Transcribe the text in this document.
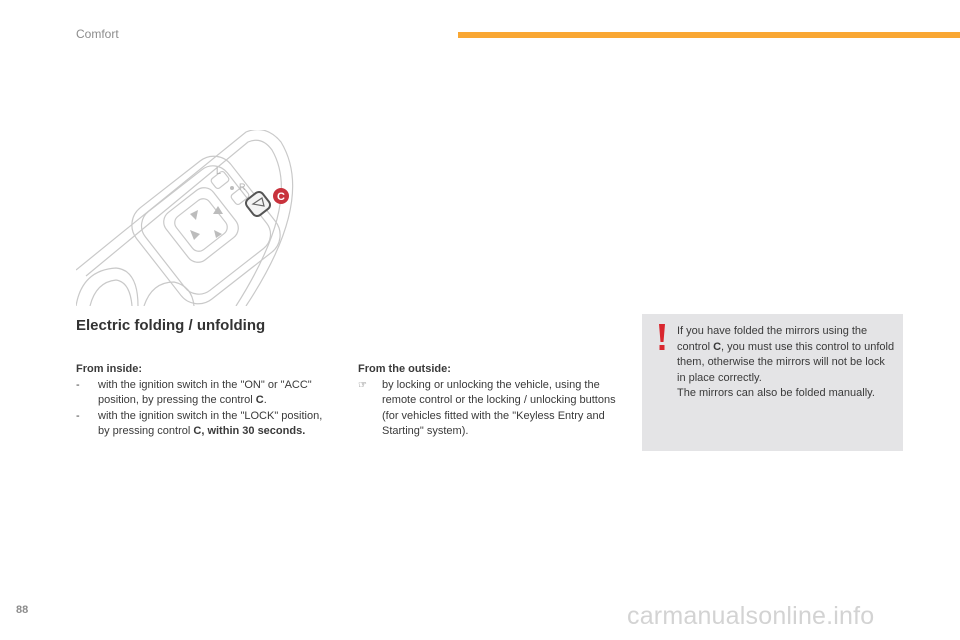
Comfort
L
R
C
Electric folding / unfolding
From inside:
- with the ignition switch in the "ON" or "ACC" position, by pressing the control C.
- with the ignition switch in the "LOCK" position, by pressing control C, within 30 seconds.
From the outside:
☞ by locking or unlocking the vehicle, using the remote control or the locking / unlocking buttons (for vehicles fitted with the "Keyless Entry and Starting" system).
If you have folded the mirrors using the control C, you must use this control to unfold them, otherwise the mirrors will not be lock in place correctly.
The mirrors can also be folded manually.
88	carmanualsonline.info
